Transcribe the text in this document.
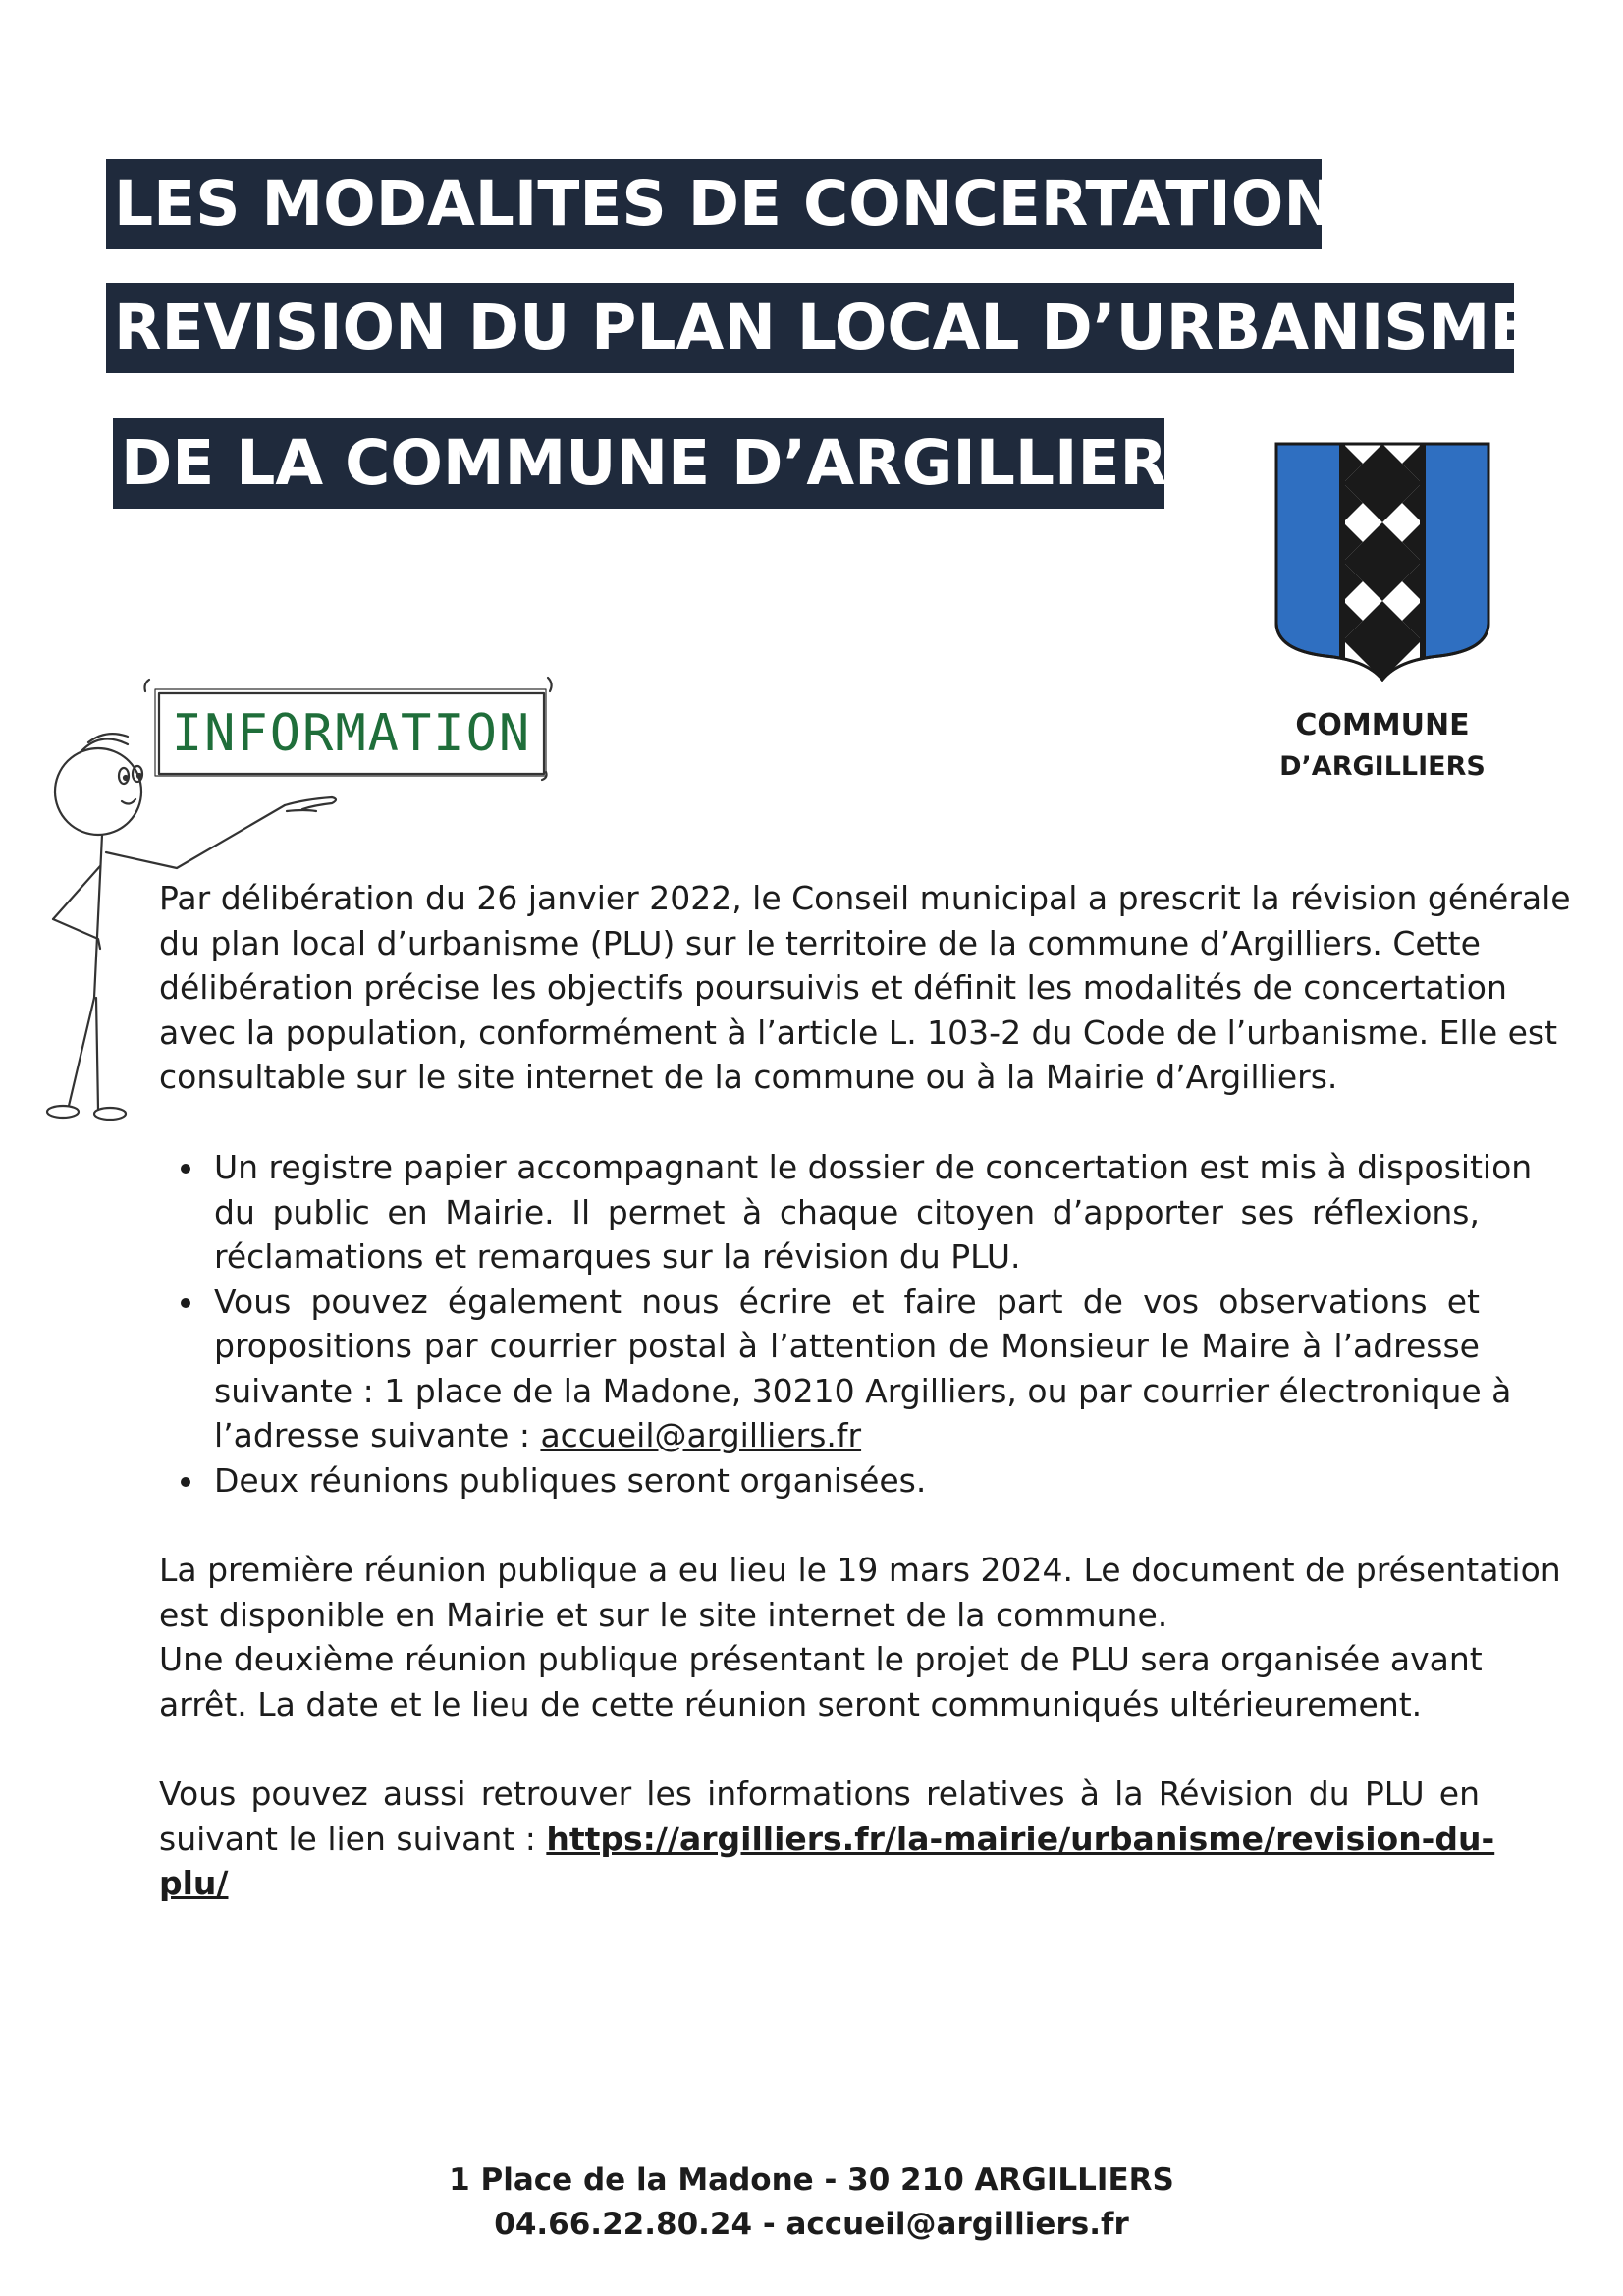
LES MODALITES DE CONCERTATION
REVISION DU PLAN LOCAL D’URBANISME
DE LA COMMUNE D’ARGILLIERS
COMMUNE
D’ARGILLIERS
INFORMATION

Par délibération du 26 janvier 2022, le Conseil municipal a prescrit la révision générale
du plan local d’urbanisme (PLU) sur le territoire de la commune d’Argilliers. Cette
délibération précise les objectifs poursuivis et définit les modalités de concertation
avec la population, conformément à l’article L. 103-2 du Code de l’urbanisme. Elle est
consultable sur le site internet de la commune ou à la Mairie d’Argilliers.

Un registre papier accompagnant le dossier de concertation est mis à disposition
du public en Mairie. Il permet à chaque citoyen d’apporter ses réflexions,
réclamations et remarques sur la révision du PLU.
Vous pouvez également nous écrire et faire part de vos observations et
propositions par courrier postal à l’attention de Monsieur le Maire à l’adresse
suivante : 1 place de la Madone, 30210 Argilliers, ou par courrier électronique à
l’adresse suivante : accueil@argilliers.fr
Deux réunions publiques seront organisées.

La première réunion publique a eu lieu le 19 mars 2024. Le document de présentation
est disponible en Mairie et sur le site internet de la commune.
Une deuxième réunion publique présentant le projet de PLU sera organisée avant
arrêt. La date et le lieu de cette réunion seront communiqués ultérieurement.

Vous pouvez aussi retrouver les informations relatives à la Révision du PLU en
suivant le lien suivant : https://argilliers.fr/la-mairie/urbanisme/revision-du-
plu/

1 Place de la Madone - 30 210 ARGILLIERS
04.66.22.80.24 - accueil@argilliers.fr
